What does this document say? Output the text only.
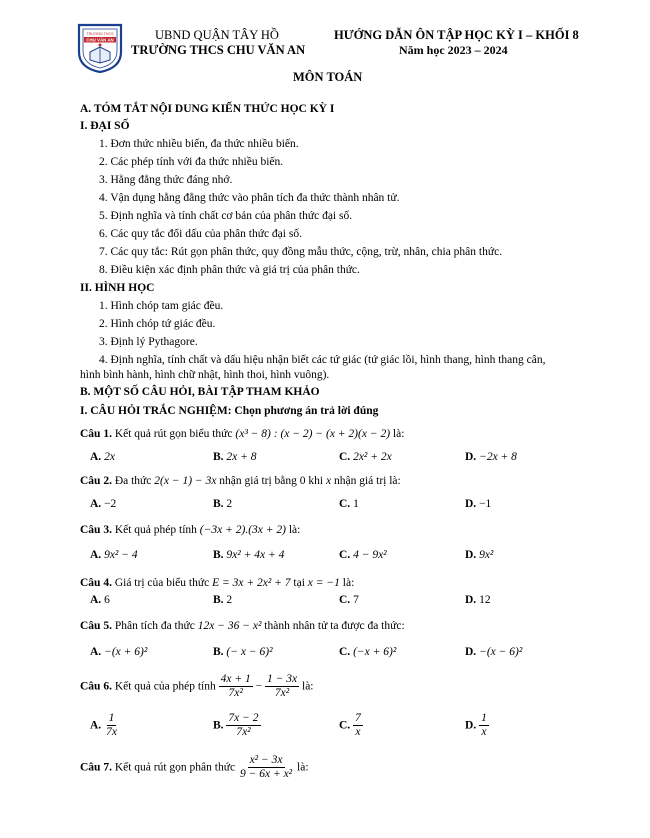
TRƯỜNG THCS
CHU VĂN AN	UBND QUẬN TÂY HỒ
TRƯỜNG THCS CHU VĂN AN
HƯỚNG DẪN ÔN TẬP HỌC KỲ I – KHỐI 8
Năm học 2023 – 2024
MÔN TOÁN
A. TÓM TẮT NỘI DUNG KIẾN THỨC HỌC KỲ I
I. ĐẠI SỐ
1. Đơn thức nhiều biến, đa thức nhiều biến.
2. Các phép tính với đa thức nhiều biến.
3. Hằng đẳng thức đáng nhớ.
4. Vận dụng hằng đẳng thức vào phân tích đa thức thành nhân tử.
5. Định nghĩa và tính chất cơ bản của phân thức đại số.
6. Các quy tắc đổi dấu của phân thức đại số.
7. Các quy tắc: Rút gọn phân thức, quy đồng mẫu thức, cộng, trừ, nhân, chia phân thức.
8. Điều kiện xác định phân thức và giá trị của phân thức.
II. HÌNH HỌC
1. Hình chóp tam giác đều.
2. Hình chóp tứ giác đều.
3. Định lý Pythagore.
4. Định nghĩa, tính chất và dấu hiệu nhận biết các tứ giác (tứ giác lồi, hình thang, hình thang cân,
hình bình hành, hình chữ nhật, hình thoi, hình vuông).
B. MỘT SỐ CÂU HỎI, BÀI TẬP THAM KHẢO
I. CÂU HỎI TRẮC NGHIỆM: Chọn phương án trả lời đúng
Câu 1. Kết quả rút gọn biểu thức (x³ − 8) : (x − 2) − (x + 2)(x − 2) là:
A. 2x	B. 2x + 8	C. 2x² + 2x	D. −2x + 8
Câu 2. Đa thức 2(x − 1) − 3x nhận giá trị bằng 0 khi x nhận giá trị là:
A. −2	B. 2	C. 1	D. −1
Câu 3. Kết quả phép tính (−3x + 2).(3x + 2) là:
A. 9x² − 4	B. 9x² + 4x + 4	C. 4 − 9x²	D. 9x²
Câu 4. Giá trị của biểu thức E = 3x + 2x² + 7 tại x = −1 là:
A. 6	B. 2	C. 7	D. 12
Câu 5. Phân tích đa thức 12x − 36 − x² thành nhân tử ta được đa thức:
A. −(x + 6)²	B. (− x − 6)²	C. (−x + 6)²	D. −(x − 6)²
Câu 6. Kết quả của phép tính $\frac{4x + 1}{\text{7x²}} - \frac{1 - 3x}{\text{7x²}}$ là:
A. $\frac{1}{7x}$	B. $\frac{7x - 2}{\text{7x²}}$	C. $\frac{7}{x}$	D. $\frac{1}{x}$
Câu 7. Kết quả rút gọn phân thức $\frac{\text{x² − 3x}}{\text{9 − 6x + x²}}$ là:
